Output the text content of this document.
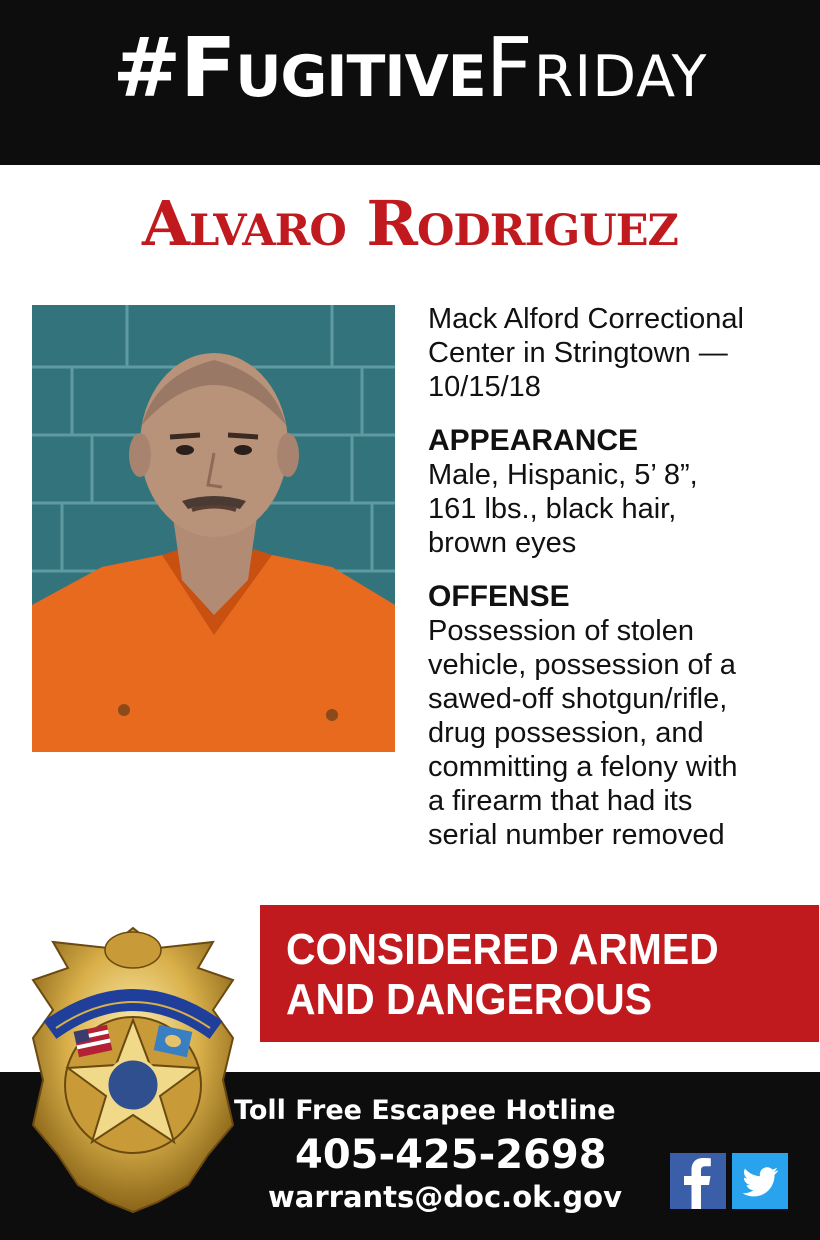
#FugitiveFriday
Alvaro Rodriguez

Mack Alford Correctional

Center in Stringtown —

10/15/18

APPEARANCE

Male, Hispanic, 5’ 8”,

161 lbs., black hair,

brown eyes

OFFENSE

Possession of stolen

vehicle, possession of a

sawed-off shotgun/rifle,

drug possession, and

committing a felony with

a firearm that had its

serial number removed

CONSIDERED ARMED
AND DANGEROUS
Toll Free Escapee Hotline
405-425-2698
warrants@doc.ok.gov
